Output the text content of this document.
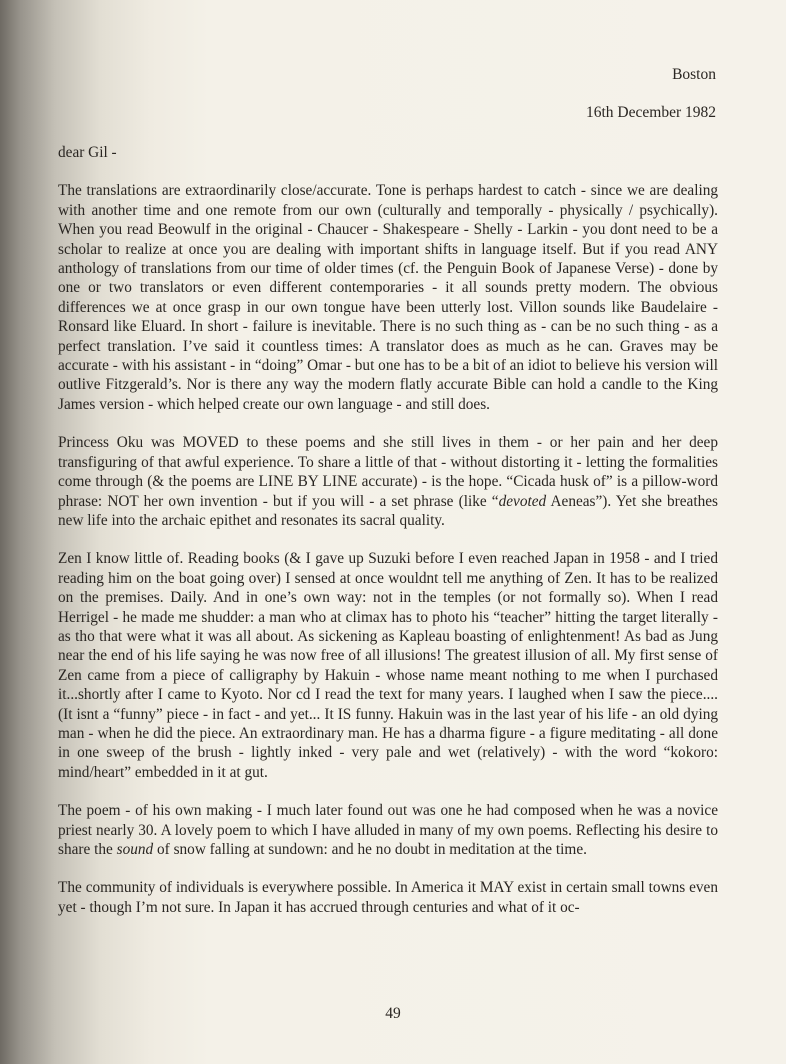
Boston
16th December 1982

dear Gil -

The translations are extraordinarily close/accurate. Tone is perhaps hardest to catch - since we are dealing with another time and one remote from our own (culturally and temporally - physically / psychically). When you read Beowulf in the original - Chaucer - Shakespeare - Shelly - Larkin - you dont need to be a scholar to realize at once you are dealing with important shifts in language itself. But if you read ANY anthology of translations from our time of older times (cf. the Penguin Book of Japanese Verse) - done by one or two translators or even different contemporaries - it all sounds pretty modern. The obvious differences we at once grasp in our own tongue have been utterly lost. Villon sounds like Baudelaire - Ronsard like Eluard. In short - failure is inevitable. There is no such thing as - can be no such thing - as a perfect translation. I’ve said it countless times: A translator does as much as he can. Graves may be accurate - with his assistant - in “doing” Omar - but one has to be a bit of an idiot to believe his version will outlive Fitzgerald’s. Nor is there any way the modern flatly accurate Bible can hold a candle to the King James version - which helped create our own language - and still does.

Princess Oku was MOVED to these poems and she still lives in them - or her pain and her deep transfiguring of that awful experience. To share a little of that - without distorting it - letting the formalities come through (& the poems are LINE BY LINE accurate) - is the hope. “Cicada husk of” is a pillow-word phrase: NOT her own invention - but if you will - a set phrase (like “devoted Aeneas”). Yet she breathes new life into the archaic epithet and resonates its sacral quality.

Zen I know little of. Reading books (& I gave up Suzuki before I even reached Japan in 1958 - and I tried reading him on the boat going over) I sensed at once wouldnt tell me anything of Zen. It has to be realized on the premises. Daily. And in one’s own way: not in the temples (or not formally so). When I read Herrigel - he made me shudder: a man who at climax has to photo his “teacher” hitting the target literally - as tho that were what it was all about. As sickening as Kapleau boasting of enlightenment! As bad as Jung near the end of his life saying he was now free of all illusions! The greatest illusion of all. My first sense of Zen came from a piece of calligraphy by Hakuin - whose name meant nothing to me when I purchased it...shortly after I came to Kyoto. Nor cd I read the text for many years. I laughed when I saw the piece.... (It isnt a “funny” piece - in fact - and yet... It IS funny. Hakuin was in the last year of his life - an old dying man - when he did the piece. An extraordinary man. He has a dharma figure - a figure meditating - all done in one sweep of the brush - lightly inked - very pale and wet (relatively) - with the word “kokoro: mind/heart” embedded in it at gut.

The poem - of his own making - I much later found out was one he had composed when he was a novice priest nearly 30. A lovely poem to which I have alluded in many of my own poems. Reflecting his desire to share the sound of snow falling at sundown: and he no doubt in meditation at the time.

The community of individuals is everywhere possible. In America it MAY exist in certain small towns even yet - though I’m not sure. In Japan it has accrued through centuries and what of it oc-

49
